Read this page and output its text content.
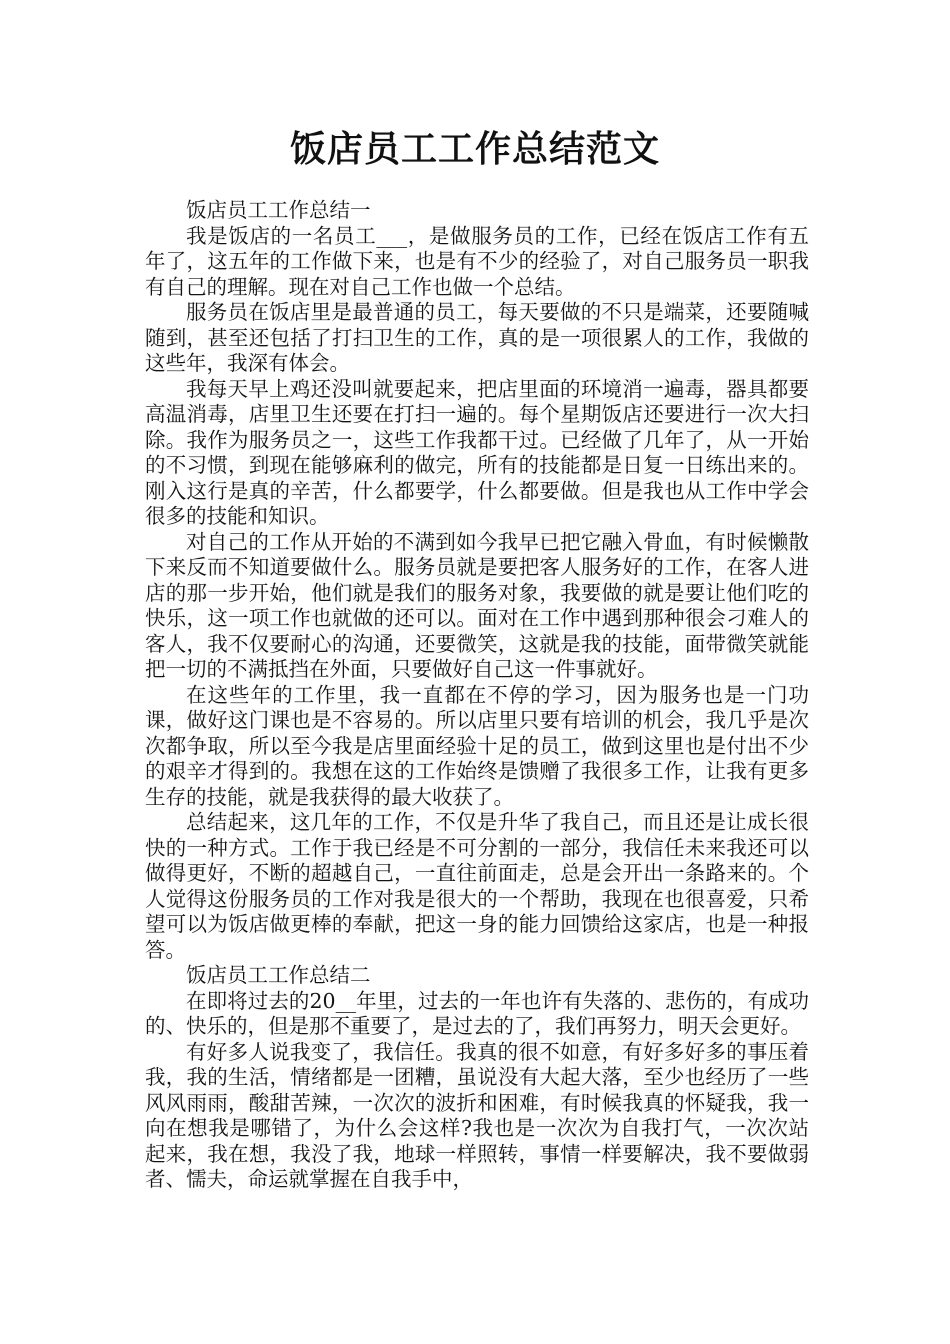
饭店员工工作总结范文

饭店员工工作总结一

我是饭店的一名员工___，是做服务员的工作，已经在饭店工作有五年了，这五年的工作做下来，也是有不少的经验了，对自己服务员一职我有自己的理解。现在对自己工作也做一个总结。

服务员在饭店里是最普通的员工，每天要做的不只是端菜，还要随喊随到，甚至还包括了打扫卫生的工作，真的是一项很累人的工作，我做的这些年，我深有体会。

我每天早上鸡还没叫就要起来，把店里面的环境消一遍毒，器具都要高温消毒，店里卫生还要在打扫一遍的。每个星期饭店还要进行一次大扫除。我作为服务员之一，这些工作我都干过。已经做了几年了，从一开始的不习惯，到现在能够麻利的做完，所有的技能都是日复一日练出来的。刚入这行是真的辛苦，什么都要学，什么都要做。但是我也从工作中学会很多的技能和知识。

对自己的工作从开始的不满到如今我早已把它融入骨血，有时候懒散下来反而不知道要做什么。服务员就是要把客人服务好的工作，在客人进店的那一步开始，他们就是我们的服务对象，我要做的就是要让他们吃的快乐，这一项工作也就做的还可以。面对在工作中遇到那种很会刁难人的客人，我不仅要耐心的沟通，还要微笑，这就是我的技能，面带微笑就能把一切的不满抵挡在外面，只要做好自己这一件事就好。

在这些年的工作里，我一直都在不停的学习，因为服务也是一门功课，做好这门课也是不容易的。所以店里只要有培训的机会，我几乎是次次都争取，所以至今我是店里面经验十足的员工，做到这里也是付出不少的艰辛才得到的。我想在这的工作始终是馈赠了我很多工作，让我有更多生存的技能，就是我获得的最大收获了。

总结起来，这几年的工作，不仅是升华了我自己，而且还是让成长很快的一种方式。工作于我已经是不可分割的一部分，我信任未来我还可以做得更好，不断的超越自己，一直往前面走，总是会开出一条路来的。个人觉得这份服务员的工作对我是很大的一个帮助，我现在也很喜爱，只希望可以为饭店做更棒的奉献，把这一身的能力回馈给这家店，也是一种报答。

饭店员工工作总结二

在即将过去的20__年里，过去的一年也许有失落的、悲伤的，有成功的、快乐的，但是那不重要了，是过去的了，我们再努力，明天会更好。

有好多人说我变了，我信任。我真的很不如意，有好多好多的事压着我，我的生活，情绪都是一团糟，虽说没有大起大落，至少也经历了一些风风雨雨，酸甜苦辣，一次次的波折和困难，有时候我真的怀疑我，我一向在想我是哪错了，为什么会这样?我也是一次次为自我打气，一次次站起来，我在想，我没了我，地球一样照转，事情一样要解决，我不要做弱者、懦夫，命运就掌握在自我手中，
